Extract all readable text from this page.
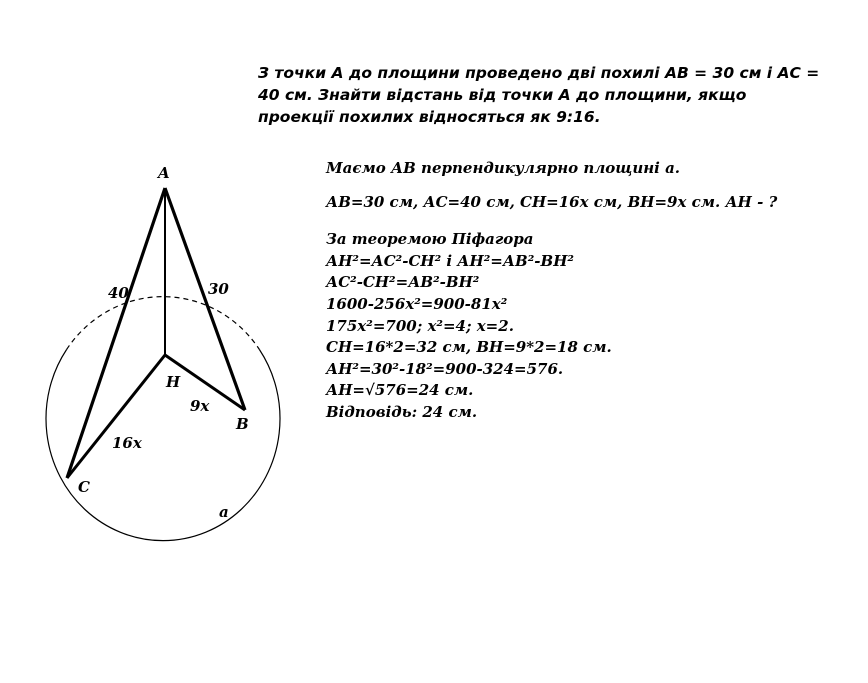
A
H
B
C
40	30
9x
16x
a
З точки А до площини проведено дві похилі AB = 30 см і АС =
40 см. Знайти відстань від точки А до площини, якщо
проекції похилих відносяться як 9:16.
Маємо АВ перпендикулярно площині а.
АВ=30 см, АС=40 см, СН=16х см, ВН=9х см. АН - ?
За теоремою Піфагора
АН²=АС²-СН² і АН²=АВ²-ВН²
АС²-СН²=АВ²-ВН²
1600-256х²=900-81х²
175х²=700; х²=4; х=2.
СН=16*2=32 см, ВН=9*2=18 см.
АН²=30²-18²=900-324=576.
АН=√576=24 см.
Відповідь: 24 см.
